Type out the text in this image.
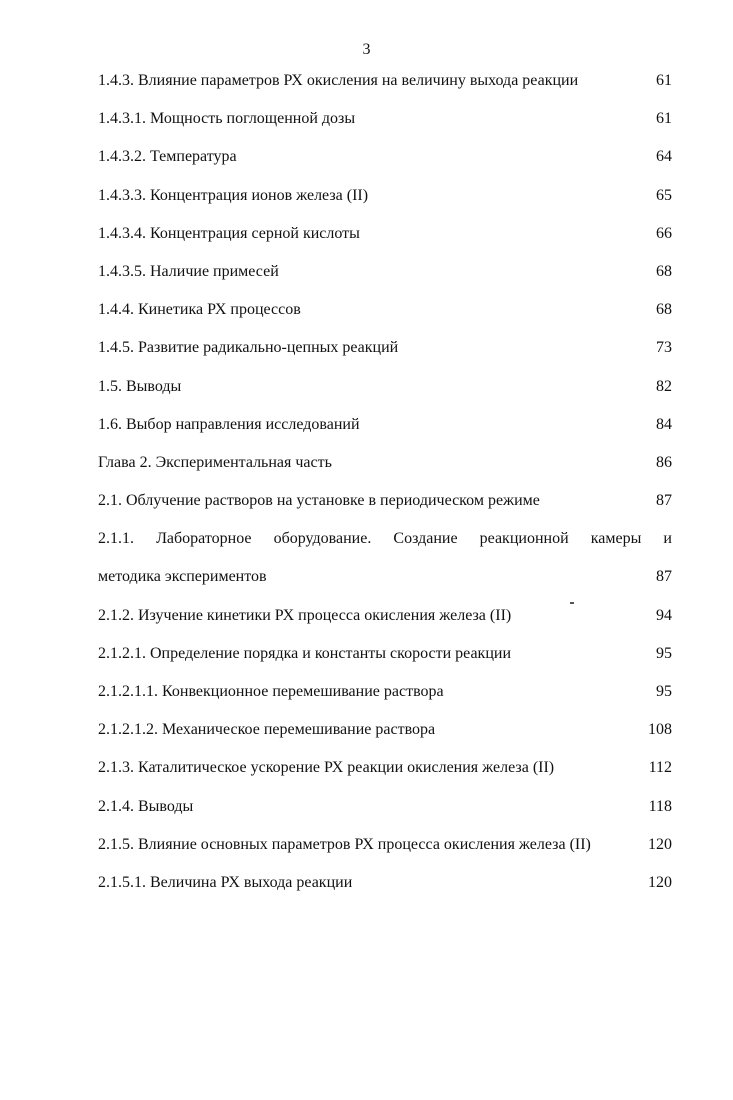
3
1.4.3. Влияние параметров РХ окисления на величину выхода реакции	61
1.4.3.1. Мощность поглощенной дозы	61
1.4.3.2. Температура	64
1.4.3.3. Концентрация ионов железа (II)	65
1.4.3.4. Концентрация серной кислоты	66
1.4.3.5. Наличие примесей	68
1.4.4. Кинетика РХ процессов	68
1.4.5. Развитие радикально-цепных реакций	73
1.5. Выводы	82
1.6. Выбор направления исследований	84
Глава 2. Экспериментальная часть	86
2.1. Облучение растворов на установке в периодическом режиме	87
2.1.1. Лабораторное оборудование. Создание реакционной камеры и
методика экспериментов	87
2.1.2. Изучение кинетики РХ процесса окисления железа (II)	94
2.1.2.1. Определение порядка и константы скорости реакции	95
2.1.2.1.1. Конвекционное перемешивание раствора	95
2.1.2.1.2. Механическое перемешивание раствора	108
2.1.3. Каталитическое ускорение РХ реакции окисления железа (II)	112
2.1.4. Выводы	118
2.1.5. Влияние основных параметров РХ процесса окисления железа (II)	120
2.1.5.1. Величина РХ выхода реакции	120
